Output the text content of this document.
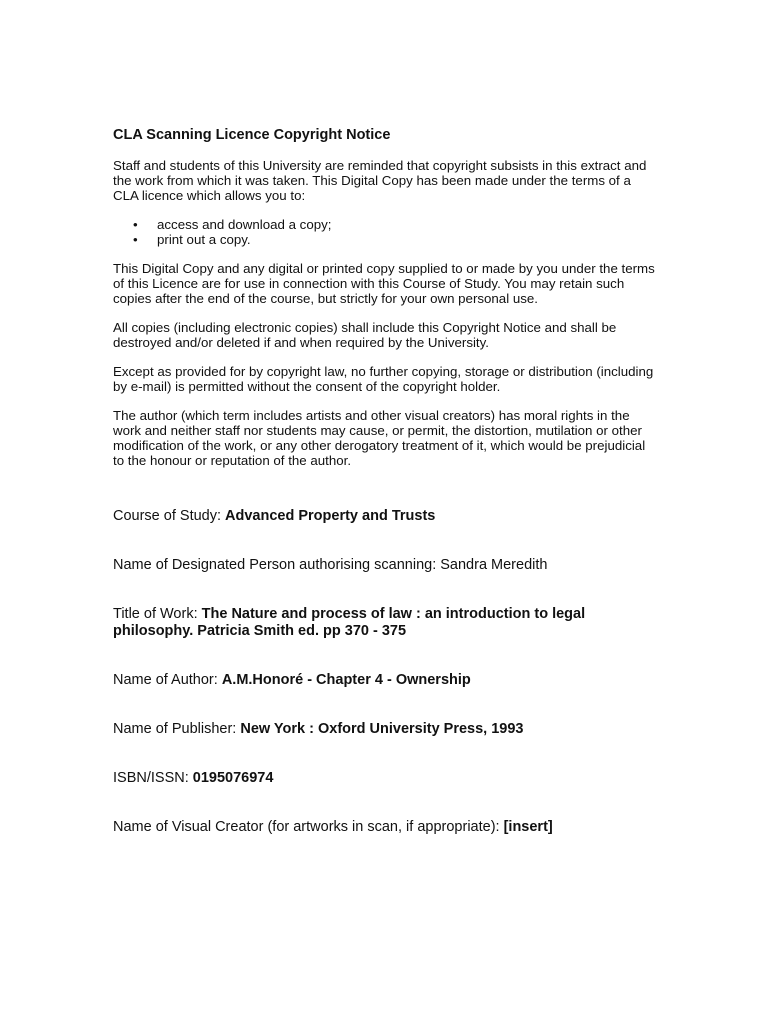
CLA Scanning Licence Copyright Notice

Staff and students of this University are reminded that copyright subsists in this extract and the work from which it was taken. This Digital Copy has been made under the terms of a CLA licence which allows you to:

• access and download a copy;
• print out a copy.

This Digital Copy and any digital or printed copy supplied to or made by you under the terms of this Licence are for use in connection with this Course of Study. You may retain such copies after the end of the course, but strictly for your own personal use.

All copies (including electronic copies) shall include this Copyright Notice and shall be destroyed and/or deleted if and when required by the University.

Except as provided for by copyright law, no further copying, storage or distribution (including by e-mail) is permitted without the consent of the copyright holder.

The author (which term includes artists and other visual creators) has moral rights in the work and neither staff nor students may cause, or permit, the distortion, mutilation or other modification of the work, or any other derogatory treatment of it, which would be prejudicial to the honour or reputation of the author.

Course of Study: Advanced Property and Trusts

Name of Designated Person authorising scanning: Sandra Meredith

Title of Work: The Nature and process of law : an introduction to legal philosophy. Patricia Smith ed. pp 370 - 375

Name of Author: A.M.Honoré - Chapter 4 - Ownership

Name of Publisher: New York : Oxford University Press, 1993

ISBN/ISSN: 0195076974

Name of Visual Creator (for artworks in scan, if appropriate): [insert]
